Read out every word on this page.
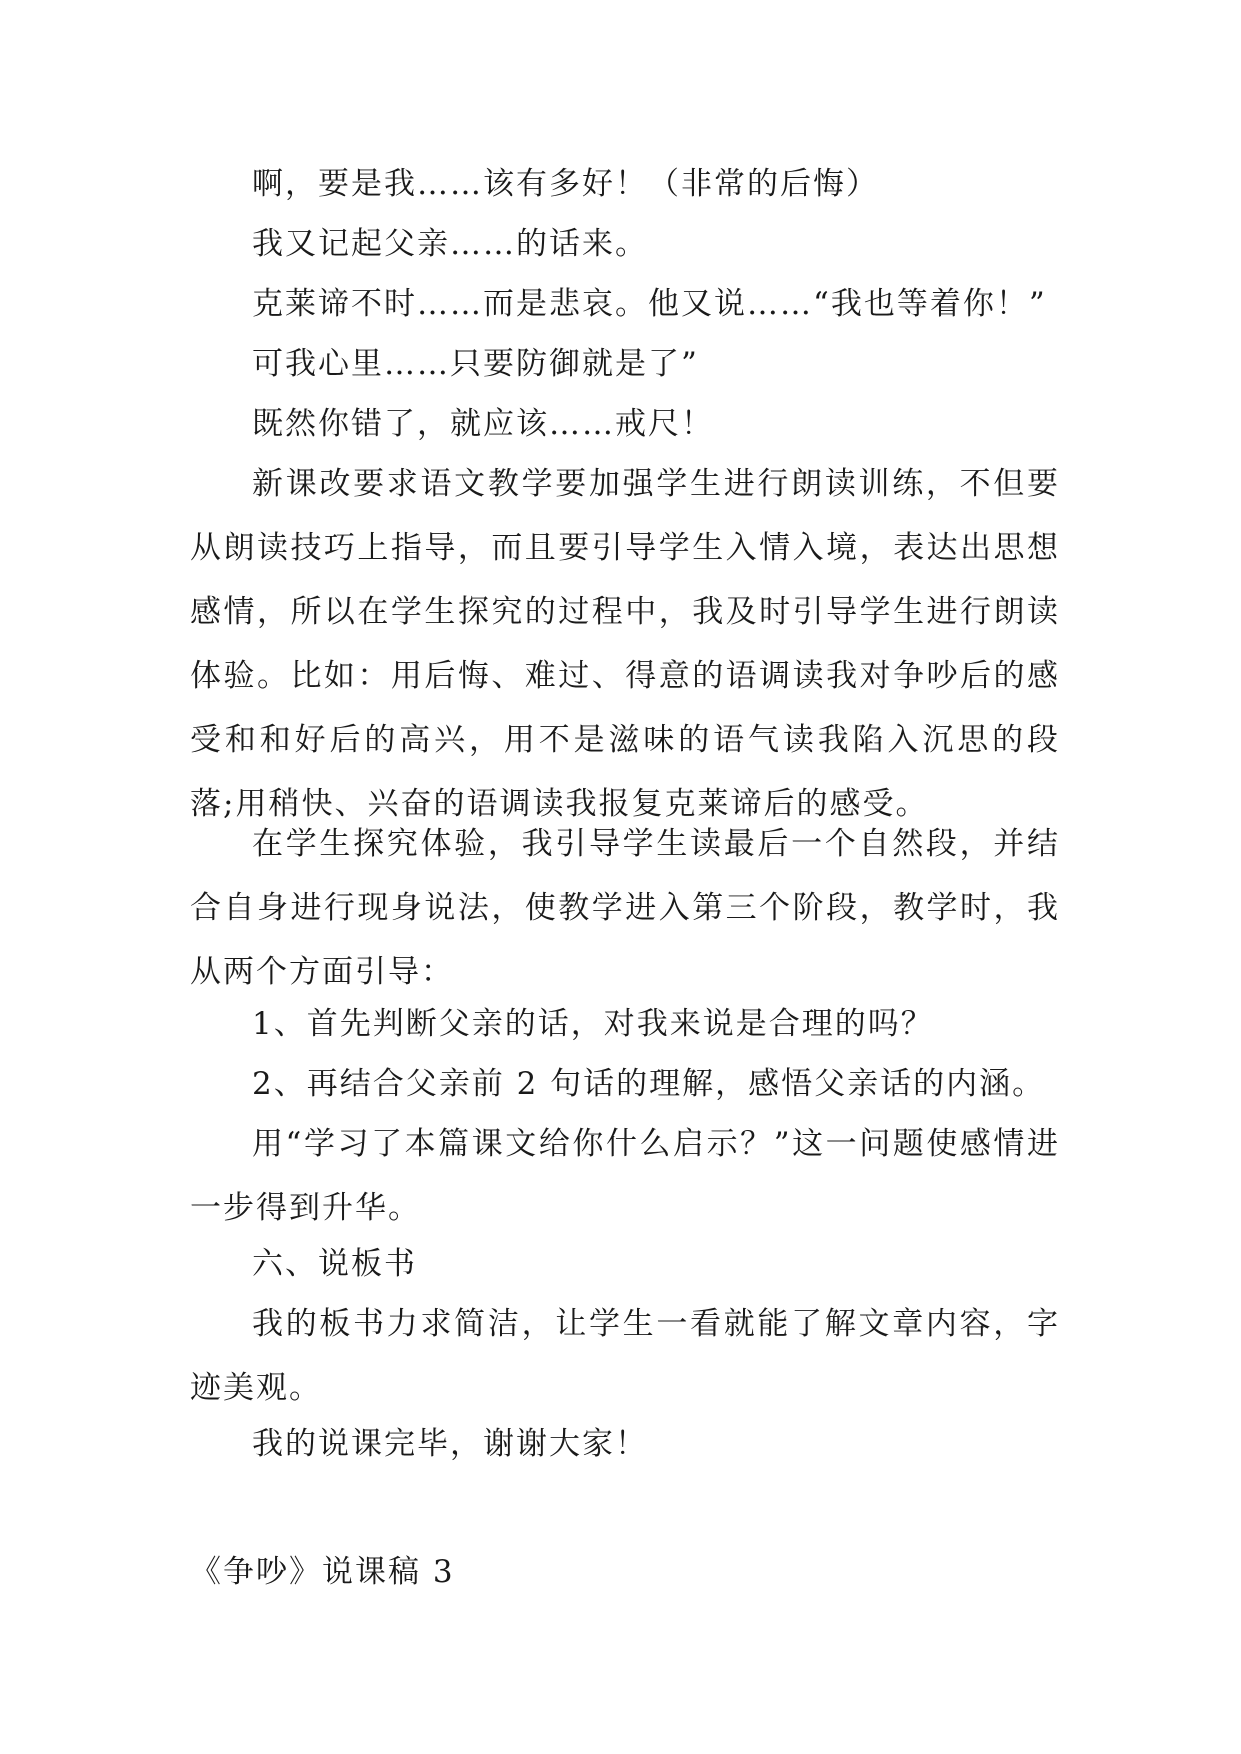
啊，要是我……该有多好！（非常的后悔）

我又记起父亲……的话来。

克莱谛不时……而是悲哀。他又说……“我也等着你！”

可我心里……只要防御就是了”

既然你错了，就应该……戒尺！

新课改要求语文教学要加强学生进行朗读训练，不但要从朗读技巧上指导，而且要引导学生入情入境，表达出思想感情，所以在学生探究的过程中，我及时引导学生进行朗读体验。比如：用后悔、难过、得意的语调读我对争吵后的感受和和好后的高兴，用不是滋味的语气读我陷入沉思的段落;用稍快、兴奋的语调读我报复克莱谛后的感受。

在学生探究体验，我引导学生读最后一个自然段，并结合自身进行现身说法，使教学进入第三个阶段，教学时，我从两个方面引导：

1、首先判断父亲的话，对我来说是合理的吗？

2、再结合父亲前 2 句话的理解，感悟父亲话的内涵。

用“学习了本篇课文给你什么启示？”这一问题使感情进一步得到升华。

六、说板书

我的板书力求简洁，让学生一看就能了解文章内容，字迹美观。

我的说课完毕，谢谢大家！

《争吵》说课稿 3
